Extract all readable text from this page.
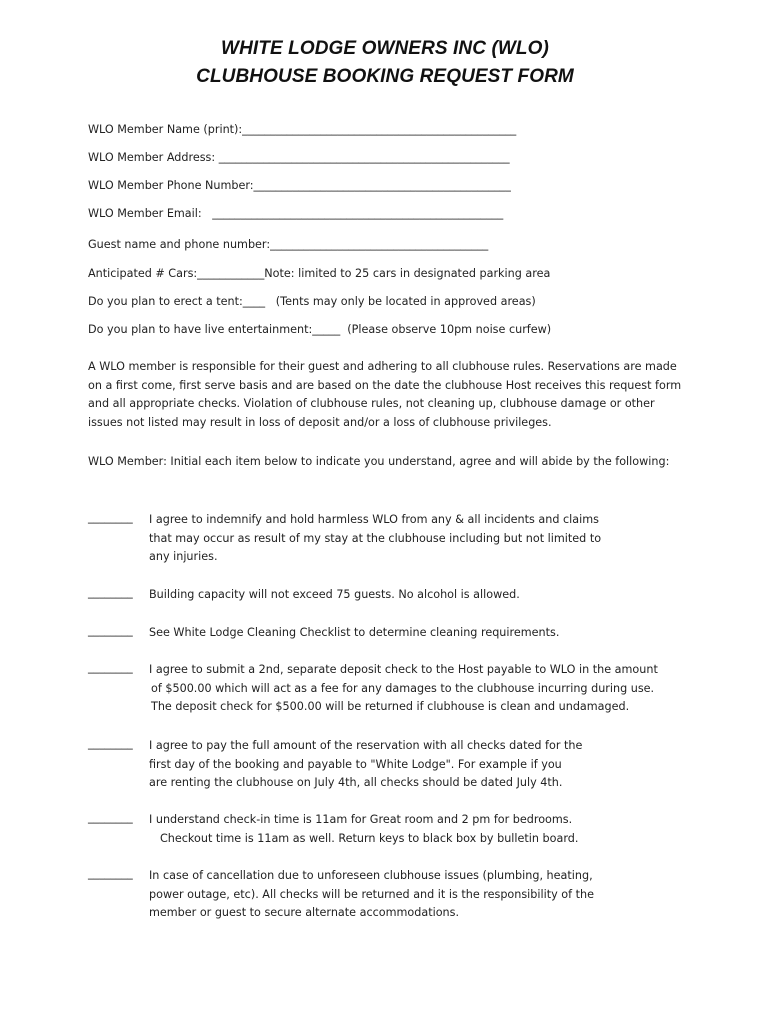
WHITE LODGE OWNERS INC (WLO)
CLUBHOUSE BOOKING REQUEST FORM
WLO Member Name (print):_________________________________________________
WLO Member Address: ____________________________________________________
WLO Member Phone Number:______________________________________________
WLO Member Email:   ____________________________________________________
Guest name and phone number:_______________________________________
Anticipated # Cars:____________Note: limited to 25 cars in designated parking area
Do you plan to erect a tent:____   (Tents may only be located in approved areas)
Do you plan to have live entertainment:_____  (Please observe 10pm noise curfew)
A WLO member is responsible for their guest and adhering to all clubhouse rules. Reservations are made
on a first come, first serve basis and are based on the date the clubhouse Host receives this request form
and all appropriate checks. Violation of clubhouse rules, not cleaning up, clubhouse damage or other
issues not listed may result in loss of deposit and/or a loss of clubhouse privileges.
WLO Member: Initial each item below to indicate you understand, agree and will abide by the following:
________ I agree to indemnify and hold harmless WLO from any & all incidents and claims
that may occur as result of my stay at the clubhouse including but not limited to
any injuries.
________ Building capacity will not exceed 75 guests. No alcohol is allowed.
________ See White Lodge Cleaning Checklist to determine cleaning requirements.
________ I agree to submit a 2nd, separate deposit check to the Host payable to WLO in the amount
of $500.00 which will act as a fee for any damages to the clubhouse incurring during use.
The deposit check for $500.00 will be returned if clubhouse is clean and undamaged.
________ I agree to pay the full amount of the reservation with all checks dated for the
first day of the booking and payable to "White Lodge". For example if you
are renting the clubhouse on July 4th, all checks should be dated July 4th.
________ I understand check-in time is 11am for Great room and 2 pm for bedrooms.
Checkout time is 11am as well. Return keys to black box by bulletin board.
________ In case of cancellation due to unforeseen clubhouse issues (plumbing, heating,
power outage, etc). All checks will be returned and it is the responsibility of the
member or guest to secure alternate accommodations.
